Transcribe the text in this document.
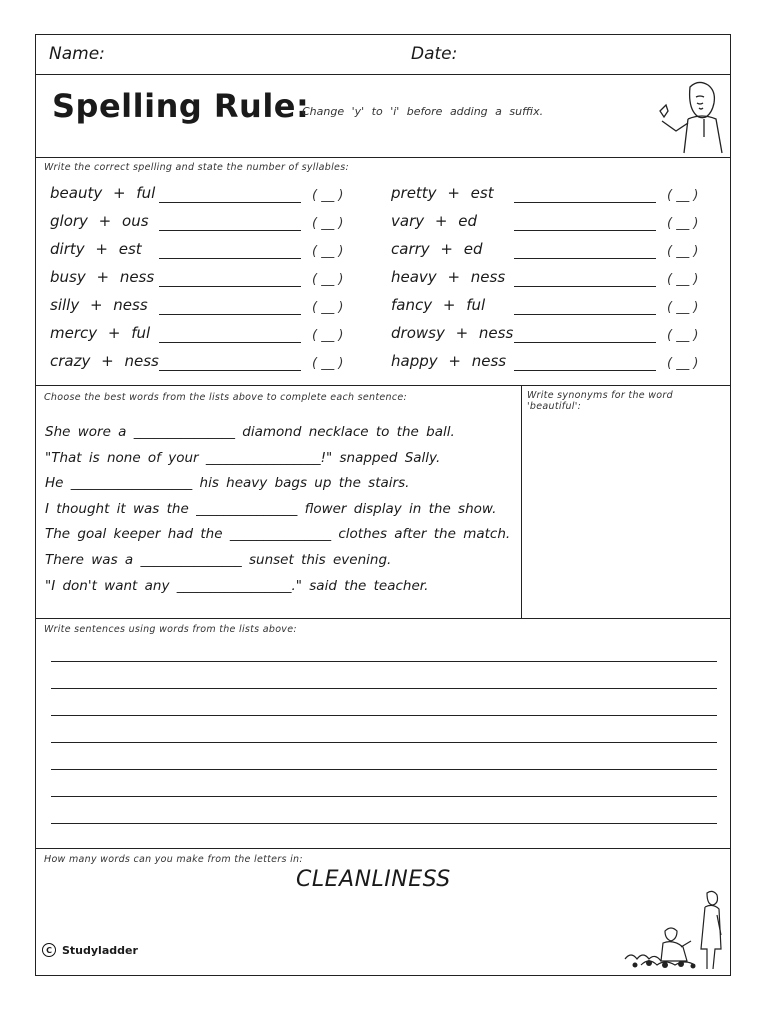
Name:	Date:
Spelling Rule:
Change 'y' to 'i' before adding a suffix.
Write the correct spelling and state the number of syllables:
beauty + ful
glory + ous
dirty + est
busy + ness
silly + ness
mercy + ful
crazy + ness
( __ )
( __ )
( __ )
( __ )
( __ )
( __ )
( __ )
pretty + est
vary + ed
carry + ed
heavy + ness
fancy + ful
drowsy + ness
happy + ness
( __ )
( __ )
( __ )
( __ )
( __ )
( __ )
( __ )
Choose the best words from the lists above to complete each sentence:	Write synonyms for the word 'beautiful':
She wore a _______________ diamond necklace to the ball.
"That is none of your _________________!" snapped Sally.
He __________________ his heavy bags up the stairs.
I thought it was the _______________ flower display in the show.
The goal keeper had the _______________ clothes after the match.
There was a _______________ sunset this evening.
"I don't want any _________________." said the teacher.
Write sentences using words from the lists above:
How many words can you make from the letters in:
CLEANLINESS
C Studyladder
